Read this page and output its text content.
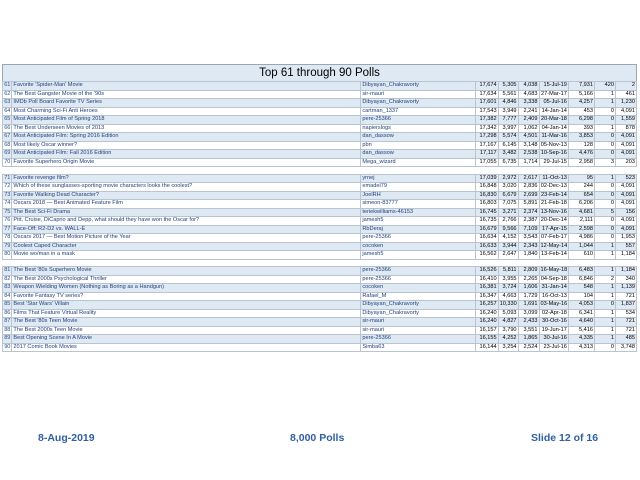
Top 61 through 90 Polls
61	Favorite 'Spider-Man' Movie	Dibyayan_Chakravorty	17,674	5,305	4,038	15-Jul-19	7,931	420	2
62	The Best Gangster Movie of the '90s	sir-mauri	17,634	5,561	4,683	27-Mar-17	5,166	1	461
63	IMDb Poll Board Favorite TV Series	Dibyayan_Chakravorty	17,601	4,846	3,338	05-Jul-16	4,257	1	1,230
64	Most Charming Sci-Fi Anti Heroes	cartman_1337	17,543	3,949	2,241	14-Jan-14	453	0	4,091
65	Most Anticipated Film of Spring 2018	pere-25366	17,382	7,777	2,409	20-Mar-18	6,298	0	1,559
66	The Best Underseen Movies of 2013	napierslogs	17,342	3,997	1,062	04-Jan-14	393	1	878
67	Most Anticipated Film: Spring 2016 Edition	dan_dassow	17,298	5,574	4,501	11-Mar-16	3,853	0	4,091
68	Most likely Oscar winner?	pbn	17,167	6,145	3,148	05-Nov-13	128	0	4,091
69	Most Anticipated Film: Fall 2016 Edition	dan_dassow	17,117	3,482	2,538	10-Sep-16	4,476	0	4,091
70	Favorite Superhero Origin Movie	Mega_wizard	17,055	6,735	1,714	29-Jul-15	2,958	3	203

71	Favorite revenge film?	yrnej	17,039	2,972	2,617	11-Oct-13	95	1	523
72	Which of these sunglasses-sporting movie characters looks the coolest?	emadel79	16,848	3,020	2,836	02-Dec-13	244	0	4,091
73	Favorite Walking Dead Character?	JoelRH	16,830	6,679	2,699	23-Feb-14	654	0	4,091
74	Oscars 2018 — Best Animated Feature Film	simeon-83777	16,803	7,075	5,891	21-Feb-18	6,206	0	4,091
75	The Best Sci-Fi Drama	teriekwilliams-46153	16,745	3,271	2,374	13-Nov-16	4,681	5	156
76	Pitt, Cruise, DiCaprio and Depp, what should they have won the Oscar for?	jamesh5	16,735	2,766	2,387	20-Dec-14	2,111	0	4,091
77	Face-Off: R2-D2 vs. WALL-E	RbDeraj	16,679	9,566	7,109	17-Apr-15	2,598	0	4,091
78	Oscars 2017 — Best Motion Picture of the Year	pere-25366	16,634	4,152	3,543	07-Feb-17	4,986	0	1,953
79	Coolest Caped Character	cocoken	16,633	3,944	2,343	12-May-14	1,044	1	557
80	Movie wo/man in a mask	jamesh5	16,562	2,647	1,840	13-Feb-14	610	1	1,184

81	The Best '80s Superhero Movie	pere-25366	16,526	5,811	2,809	16-May-18	6,483	1	1,184
82	The Best 2000s Psychological Thriller	pere-25366	16,410	3,955	2,265	04-Sep-18	6,846	2	340
83	Weapon Wielding Women (Nothing as Boring as a Handgun)	cocoken	16,381	3,724	1,606	31-Jan-14	548	1	1,139
84	Favorite Fantasy TV series?	Rafael_M	16,347	4,663	1,729	16-Oct-13	104	1	721
85	Best 'Star Wars' Villain	Dibyayan_Chakravorty	16,257	10,330	1,691	03-May-16	4,053	0	1,837
86	Films That Feature Virtual Reality	Dibyayan_Chakravorty	16,240	5,093	3,099	02-Apr-18	6,341	1	534
87	The Best '80s Teen Movie	sir-mauri	16,240	4,827	2,433	30-Oct-16	4,640	1	721
88	The Best 2000s Teen Movie	sir-mauri	16,157	3,790	3,551	19-Jun-17	5,416	1	721
89	Best Opening Scene In A Movie	pere-25366	16,155	4,252	1,865	30-Jul-16	4,335	1	485
90	2017 Comic Book Movies	Simba63	16,144	3,254	2,524	23-Jul-16	4,313	0	3,748
8-Aug-2019	8,000 Polls	Slide 12 of 16
